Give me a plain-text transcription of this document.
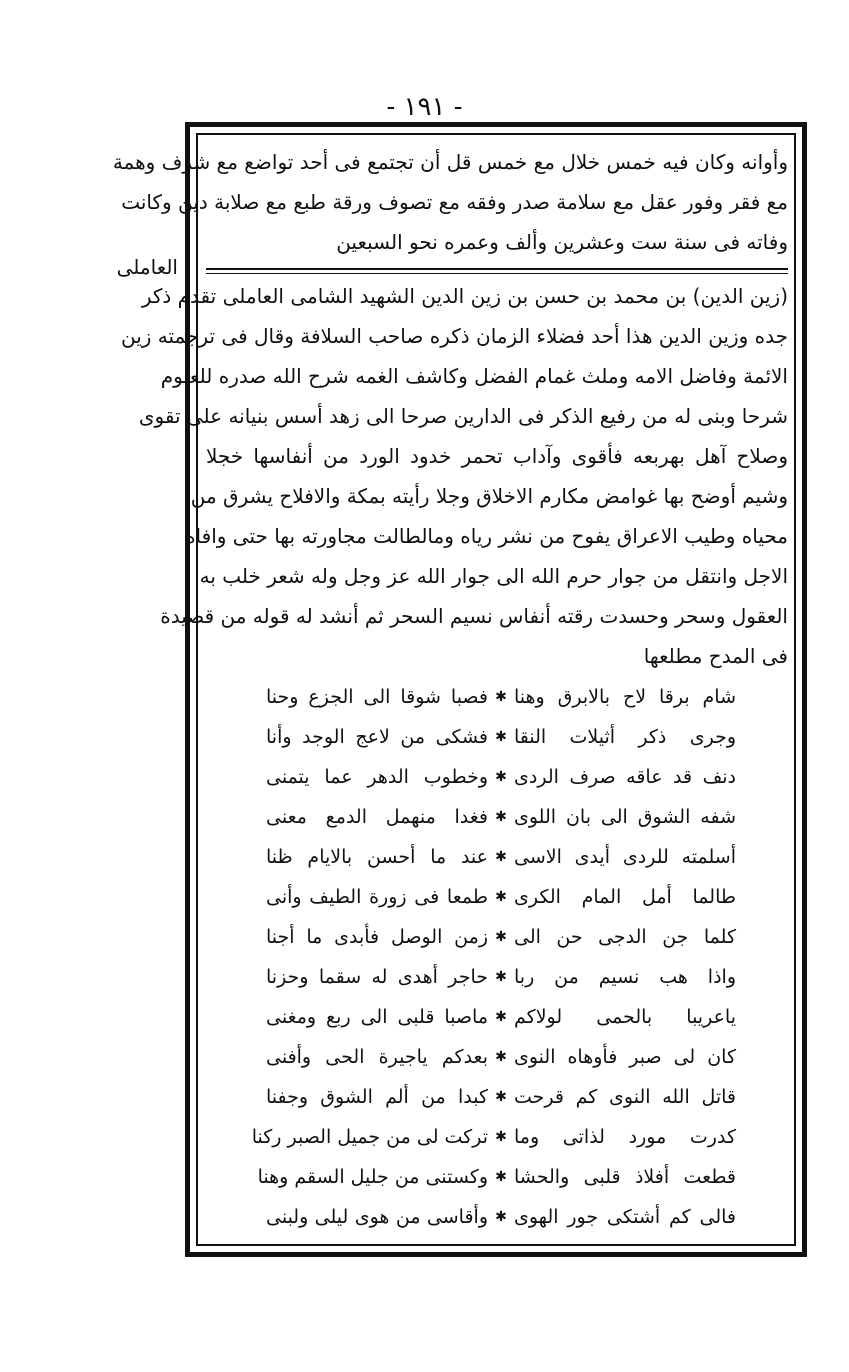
- ١٩١ -
العاملى
وأوانه وكان فيه خمس خلال مع خمس قل أن تجتمع فى أحد تواضع مع شرف وهمة
مع فقر وفور عقل مع سلامة صدر وفقه مع تصوف ورقة طبع مع صلابة دين وكانت
وفاته فى سنة ست وعشرين وألف وعمره نحو السبعين
(زين الدين) بن محمد بن حسن بن زين الدين الشهيد الشامى العاملى تقدم ذكر
جده وزين الدين هذا أحد فضلاء الزمان ذكره صاحب السلافة وقال فى ترجمته زين
الائمة وفاضل الامه وملث غمام الفضل وكاشف الغمه شرح الله صدره للعلوم
شرحا وبنى له من رفيع الذكر فى الدارين صرحا الى زهد أسس بنيانه على تقوى
وصلاح آهل بهربعه فأقوى وآداب تحمر خدود الورد من أنفاسها خجلا
وشيم أوضح بها غوامض مكارم الاخلاق وجلا رأيته بمكة والافلاح يشرق من
محياه وطيب الاعراق يفوح من نشر رياه ومالطالت مجاورته بها حتى وافاه
الاجل وانتقل من جوار حرم الله الى جوار الله عز وجل وله شعر خلب به
العقول وسحر وحسدت رقته أنفاس نسيم السحر ثم أنشد له قوله من قصيدة
فى المدح مطلعها
شام برقا لاح بالابرق وهنا
✱
فصبا شوقا الى الجزع وحنا
وجرى ذكر أثيلات النقا
✱
فشكى من لاعج الوجد وأنا
دنف قد عاقه صرف الردى
✱
وخطوب الدهر عما يتمنى
شفه الشوق الى بان اللوى
✱
فغدا منهمل الدمع معنى
أسلمته للردى أيدى الاسى
✱
عند ما أحسن بالايام ظنا
طالما أمل المام الكرى
✱
طمعا فى زورة الطيف وأنى
كلما جن الدجى حن الى
✱
زمن الوصل فأبدى ما أجنا
واذا هب نسيم من ربا
✱
حاجر أهدى له سقما وحزنا
ياعريبا بالحمى لولاكم
✱
ماصبا قلبى الى ربع ومغنى
كان لى صبر فأوهاه النوى
✱
بعدكم ياجيرة الحى وأفنى
قاتل الله النوى كم قرحت
✱
كبدا من ألم الشوق وجفنا
كدرت مورد لذاتى وما
✱
تركت لى من جميل الصبر ركنا
قطعت أفلاذ قلبى والحشا
✱
وكستنى من جليل السقم وهنا
فالى كم أشتكى جور الهوى
✱
وأقاسى من هوى ليلى ولبنى
